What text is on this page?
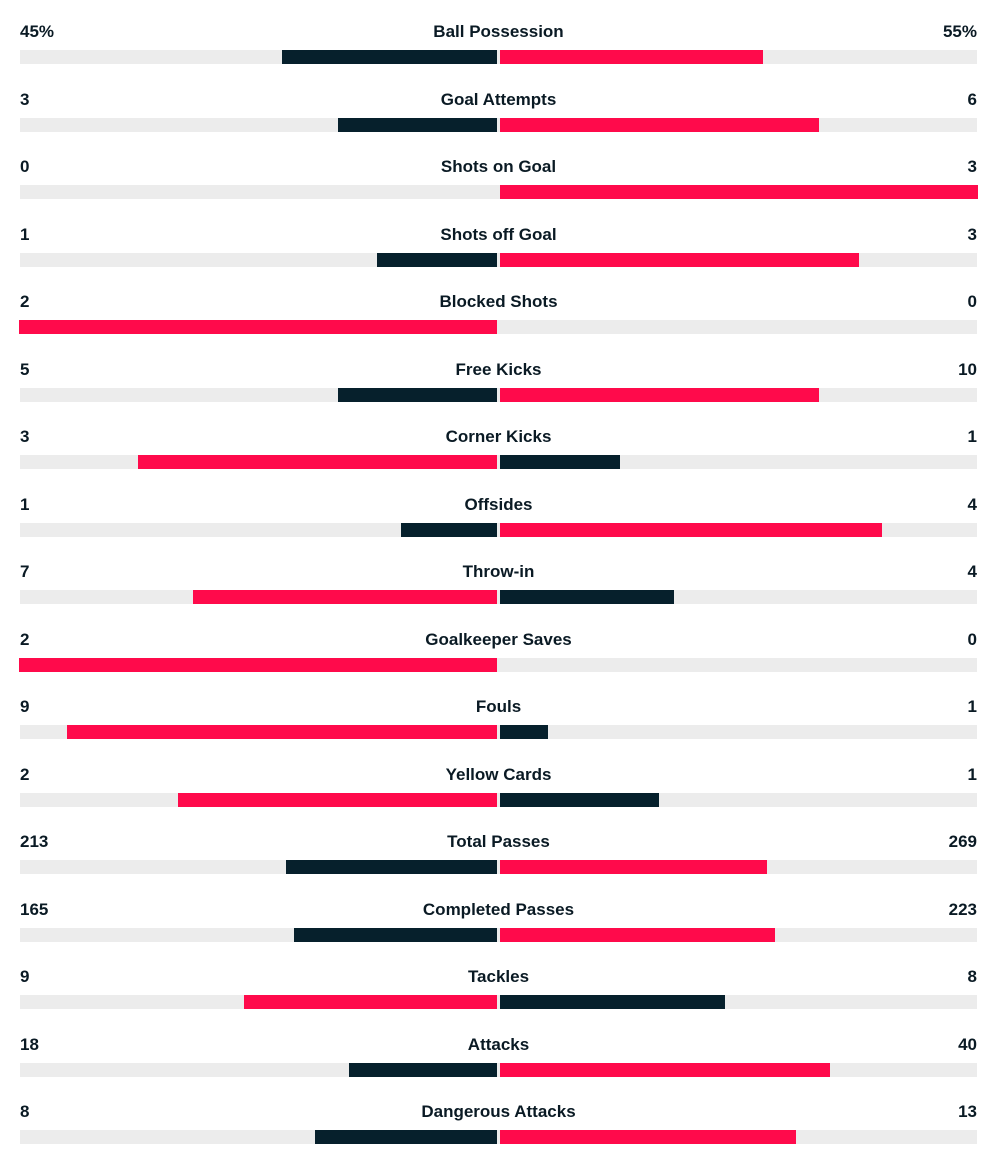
45%	Ball Possession	55%
3	Goal Attempts	6
0	Shots on Goal	3
1	Shots off Goal	3
2	Blocked Shots	0
5	Free Kicks	10
3	Corner Kicks	1
1	Offsides	4
7	Throw-in	4
2	Goalkeeper Saves	0
9	Fouls	1
2	Yellow Cards	1
213	Total Passes	269
165	Completed Passes	223
9	Tackles	8
18	Attacks	40
8	Dangerous Attacks	13
